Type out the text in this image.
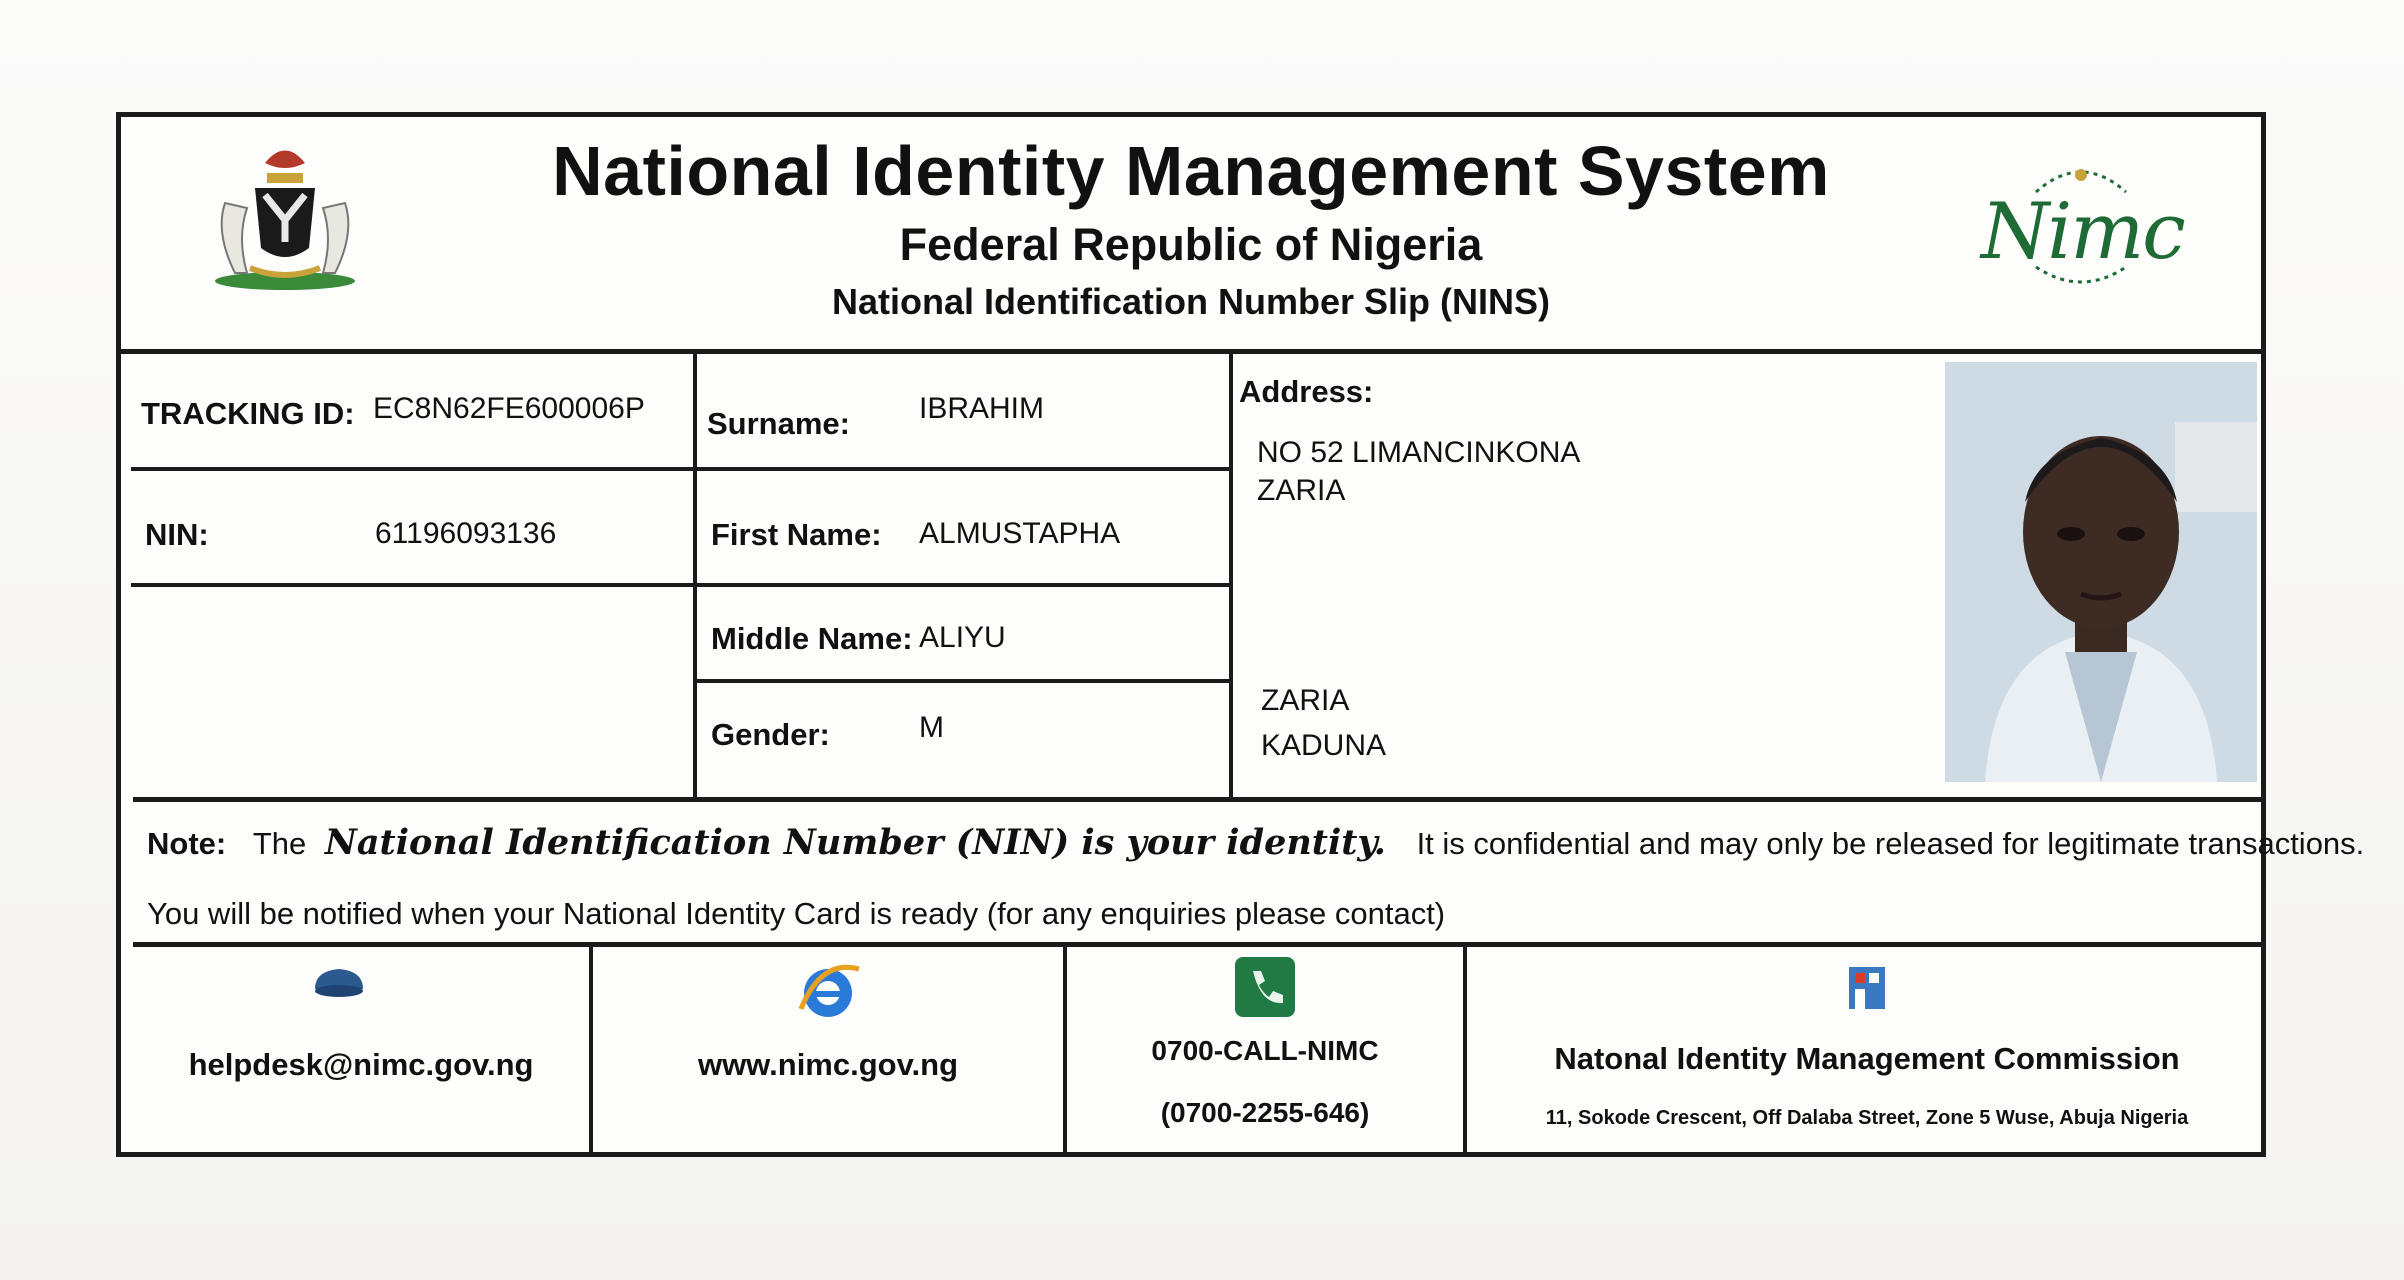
National Identity Management System
Federal Republic of Nigeria
National Identification Number Slip (NINS)
Nimc
TRACKING ID: EC8N62FE600006P
NIN:	61196093136
Surname: IBRAHIM
First Name: ALMUSTAPHA
Middle Name: ALIYU
Gender:	M
Address:
NO 52 LIMANCINKONA
ZARIA
ZARIA
KADUNA
Note: The National Identification Number (NIN) is your identity. It is confidential and may only be released for legitimate transactions.
You will be notified when your National Identity Card is ready (for any enquiries please contact)
helpdesk@nimc.gov.ng	www.nimc.gov.ng	0700-CALL-NIMC
(0700-2255-646)
Natonal Identity Management Commission
11, Sokode Crescent, Off Dalaba Street, Zone 5 Wuse, Abuja Nigeria
